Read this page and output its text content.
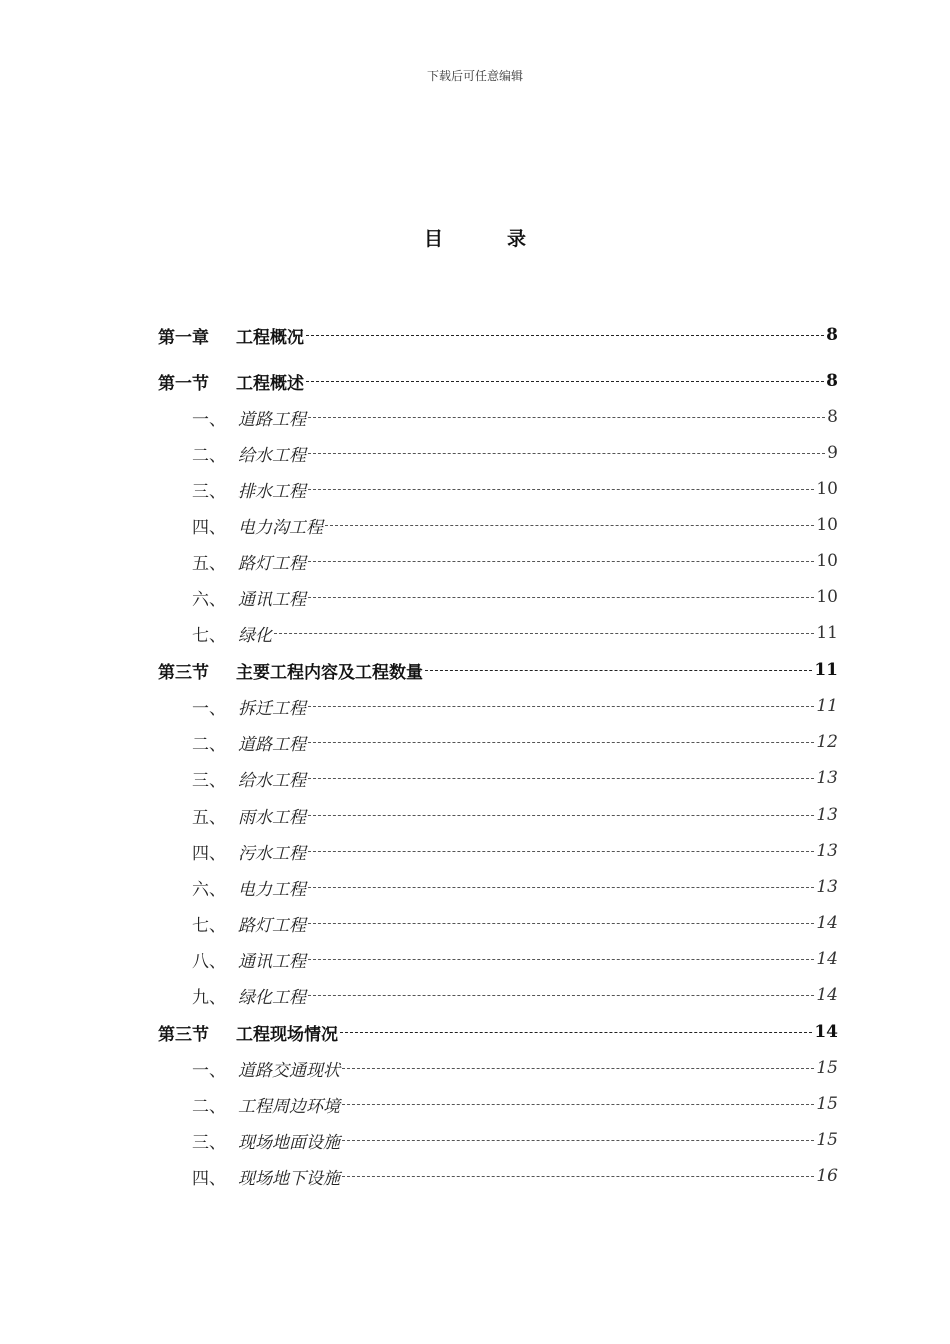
下载后可任意编辑
目	录
第一章	工程概况	8
第一节	工程概述	8
一、 道路工程	8
二、 给水工程	9
三、 排水工程	10
四、 电力沟工程	10
五、 路灯工程	10
六、 通讯工程	10
七、 绿化	11
第三节	主要工程内容及工程数量	11
一、 拆迁工程	11
二、 道路工程	12
三、 给水工程	13
五、 雨水工程	13
四、 污水工程	13
六、 电力工程	13
七、 路灯工程	14
八、 通讯工程	14
九、 绿化工程	14
第三节	工程现场情况	14
一、 道路交通现状	15
二、 工程周边环境	15
三、 现场地面设施	15
四、 现场地下设施	16
